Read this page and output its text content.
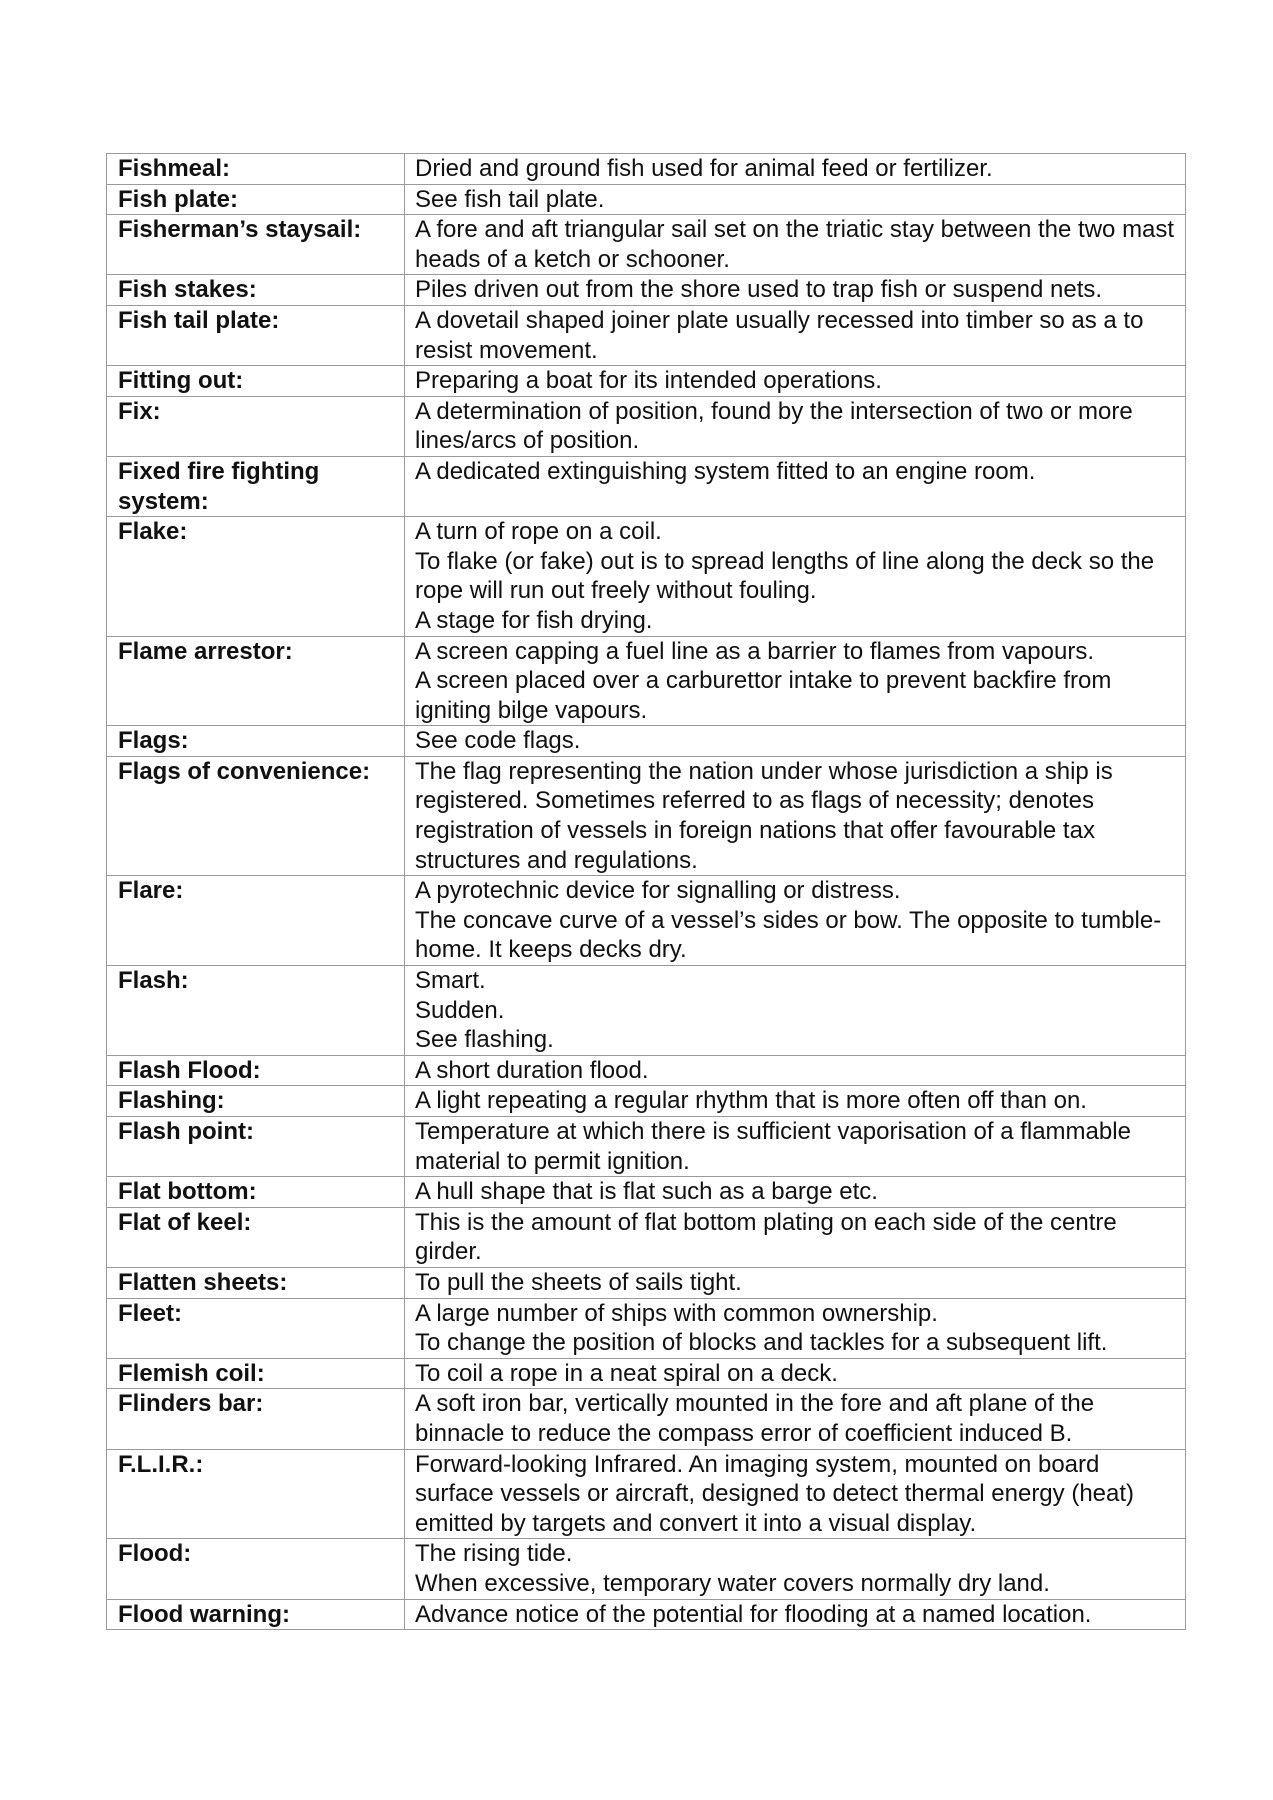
Fishmeal:	Dried and ground fish used for animal feed or fertilizer.

Fish plate:	See fish tail plate.

Fisherman’s staysail:	A fore and aft triangular sail set on the triatic stay between the two mast heads of a ketch or schooner.

Fish stakes:	Piles driven out from the shore used to trap fish or suspend nets.

Fish tail plate:	A dovetail shaped joiner plate usually recessed into timber so as a to resist movement.

Fitting out:	Preparing a boat for its intended operations.

Fix:	A determination of position, found by the intersection of two or more lines/arcs of position.

Fixed fire fighting system:	A dedicated extinguishing system fitted to an engine room.

Flake:	A turn of rope on a coil.
To flake (or fake) out is to spread lengths of line along the deck so the rope will run out freely without fouling.
A stage for fish drying.

Flame arrestor:	A screen capping a fuel line as a barrier to flames from vapours.
A screen placed over a carburettor intake to prevent backfire from igniting bilge vapours.

Flags:	See code flags.

Flags of convenience:	The flag representing the nation under whose jurisdiction a ship is registered. Sometimes referred to as flags of necessity; denotes registration of vessels in foreign nations that offer favourable tax structures and regulations.

Flare:	A pyrotechnic device for signalling or distress.
The concave curve of a vessel’s sides or bow. The opposite to tumble-home. It keeps decks dry.

Flash:	Smart.
Sudden.
See flashing.

Flash Flood:	A short duration flood.

Flashing:	A light repeating a regular rhythm that is more often off than on.

Flash point:	Temperature at which there is sufficient vaporisation of a flammable material to permit ignition.

Flat bottom:	A hull shape that is flat such as a barge etc.

Flat of keel:	This is the amount of flat bottom plating on each side of the centre girder.

Flatten sheets:	To pull the sheets of sails tight.

Fleet:	A large number of ships with common ownership.
To change the position of blocks and tackles for a subsequent lift.

Flemish coil:	To coil a rope in a neat spiral on a deck.

Flinders bar:	A soft iron bar, vertically mounted in the fore and aft plane of the binnacle to reduce the compass error of coefficient induced B.

F.L.I.R.:	Forward-looking Infrared. An imaging system, mounted on board surface vessels or aircraft, designed to detect thermal energy (heat) emitted by targets and convert it into a visual display.

Flood:	The rising tide.
When excessive, temporary water covers normally dry land.

Flood warning:	Advance notice of the potential for flooding at a named location.
